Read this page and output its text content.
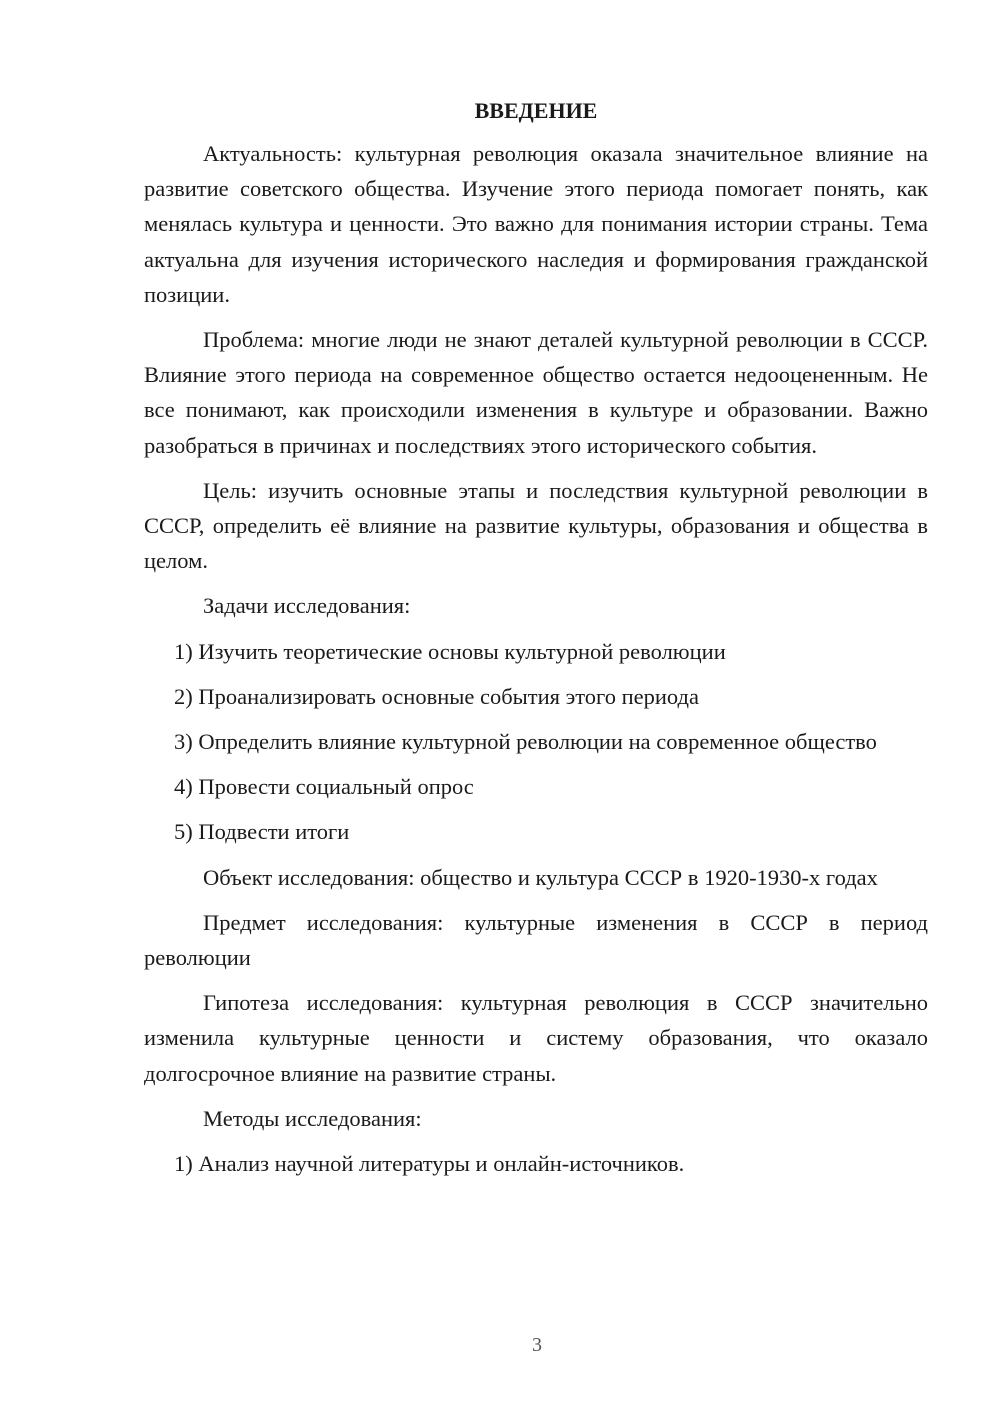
ВВЕДЕНИЕ

Актуальность: культурная революция оказала значительное влияние на развитие советского общества. Изучение этого периода помогает понять, как менялась культура и ценности. Это важно для понимания истории страны. Тема актуальна для изучения исторического наследия и формирования гражданской позиции.

Проблема: многие люди не знают деталей культурной революции в СССР. Влияние этого периода на современное общество остается недооцененным. Не все понимают, как происходили изменения в культуре и образовании. Важно разобраться в причинах и последствиях этого исторического события.

Цель: изучить основные этапы и последствия культурной революции в СССР, определить её влияние на развитие культуры, образования и общества в целом.

Задачи исследования:

1) Изучить теоретические основы культурной революции

2) Проанализировать основные события этого периода

3) Определить влияние культурной революции на современное общество

4) Провести социальный опрос

5) Подвести итоги

Объект исследования: общество и культура СССР в 1920-1930-х годах

Предмет исследования: культурные изменения в СССР в период революции

Гипотеза исследования: культурная революция в СССР значительно изменила культурные ценности и систему образования, что оказало долгосрочное влияние на развитие страны.

Методы исследования:

1) Анализ научной литературы и онлайн-источников.

3
